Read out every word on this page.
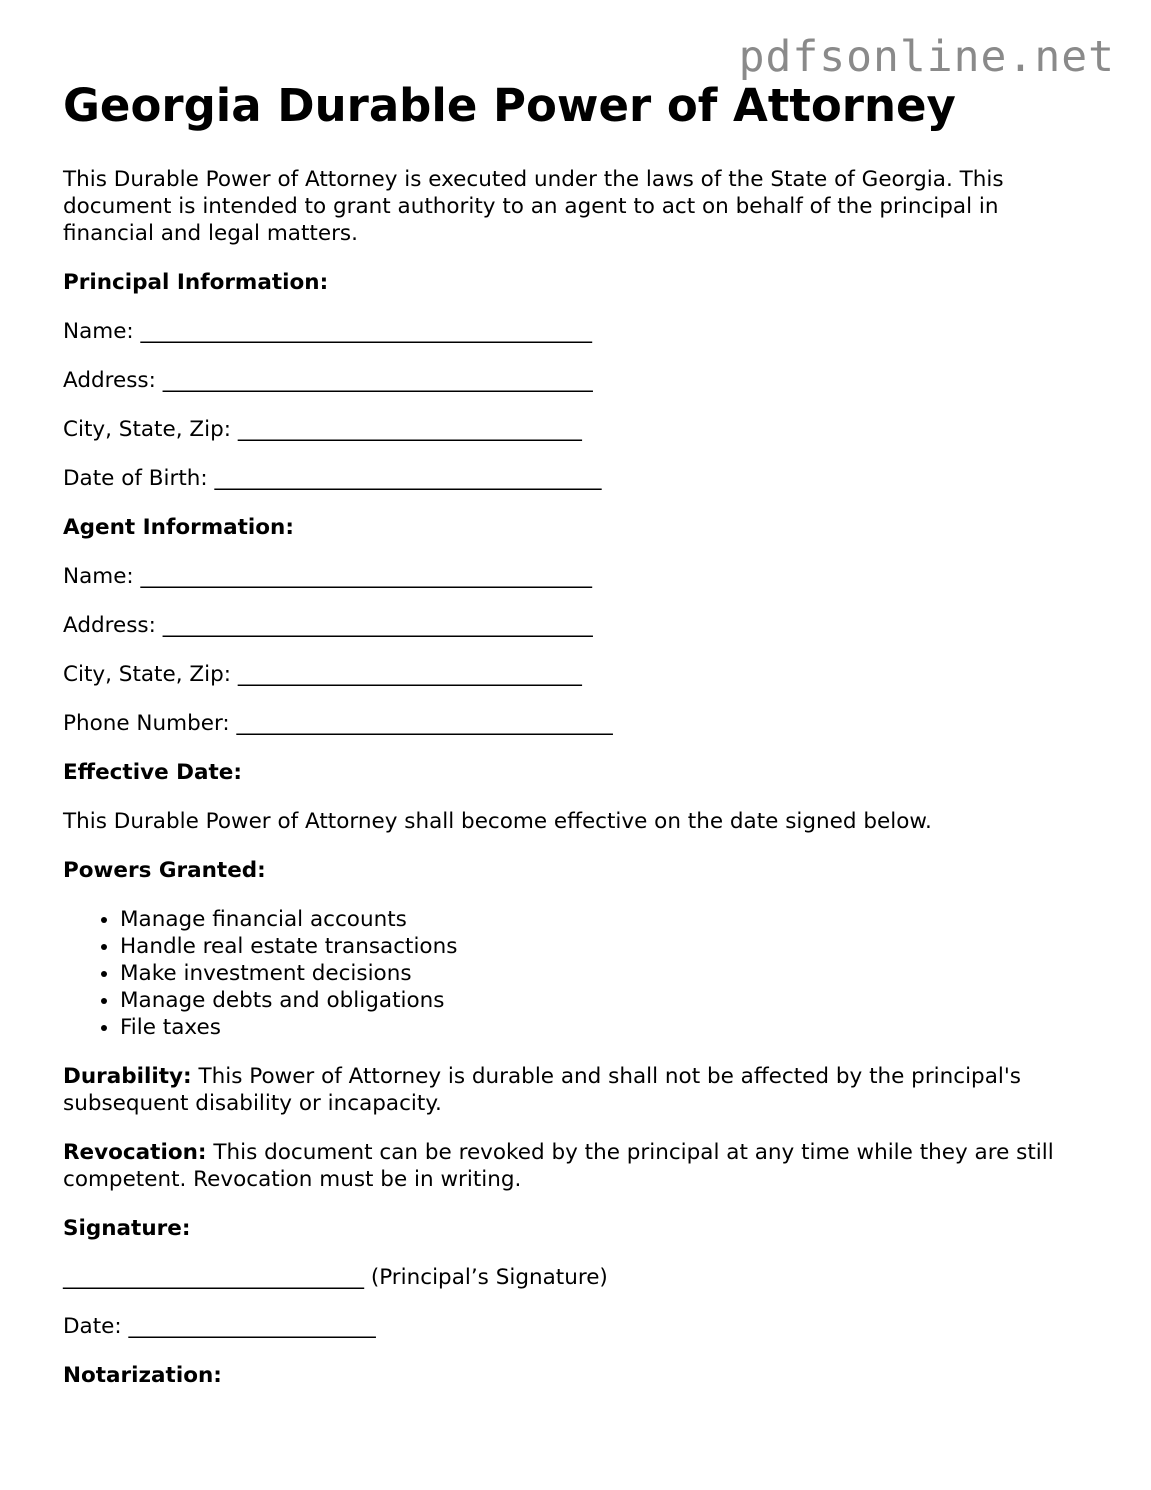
pdfsonline.net
Georgia Durable Power of Attorney

This Durable Power of Attorney is executed under the laws of the State of Georgia. This document is intended to grant authority to an agent to act on behalf of the principal in financial and legal matters.

Principal Information:
Name: __________________________________________
Address: ________________________________________
City, State, Zip: ________________________________
Date of Birth: ____________________________________
Agent Information:
Name: __________________________________________
Address: ________________________________________
City, State, Zip: ________________________________
Phone Number: ___________________________________
Effective Date:

This Durable Power of Attorney shall become effective on the date signed below.

Powers Granted:
• Manage financial accounts
• Handle real estate transactions
• Make investment decisions
• Manage debts and obligations
• File taxes

Durability: This Power of Attorney is durable and shall not be affected by the principal's subsequent disability or incapacity.

Revocation: This document can be revoked by the principal at any time while they are still competent. Revocation must be in writing.

Signature:
____________________________ (Principal’s Signature)
Date: _______________________
Notarization:
